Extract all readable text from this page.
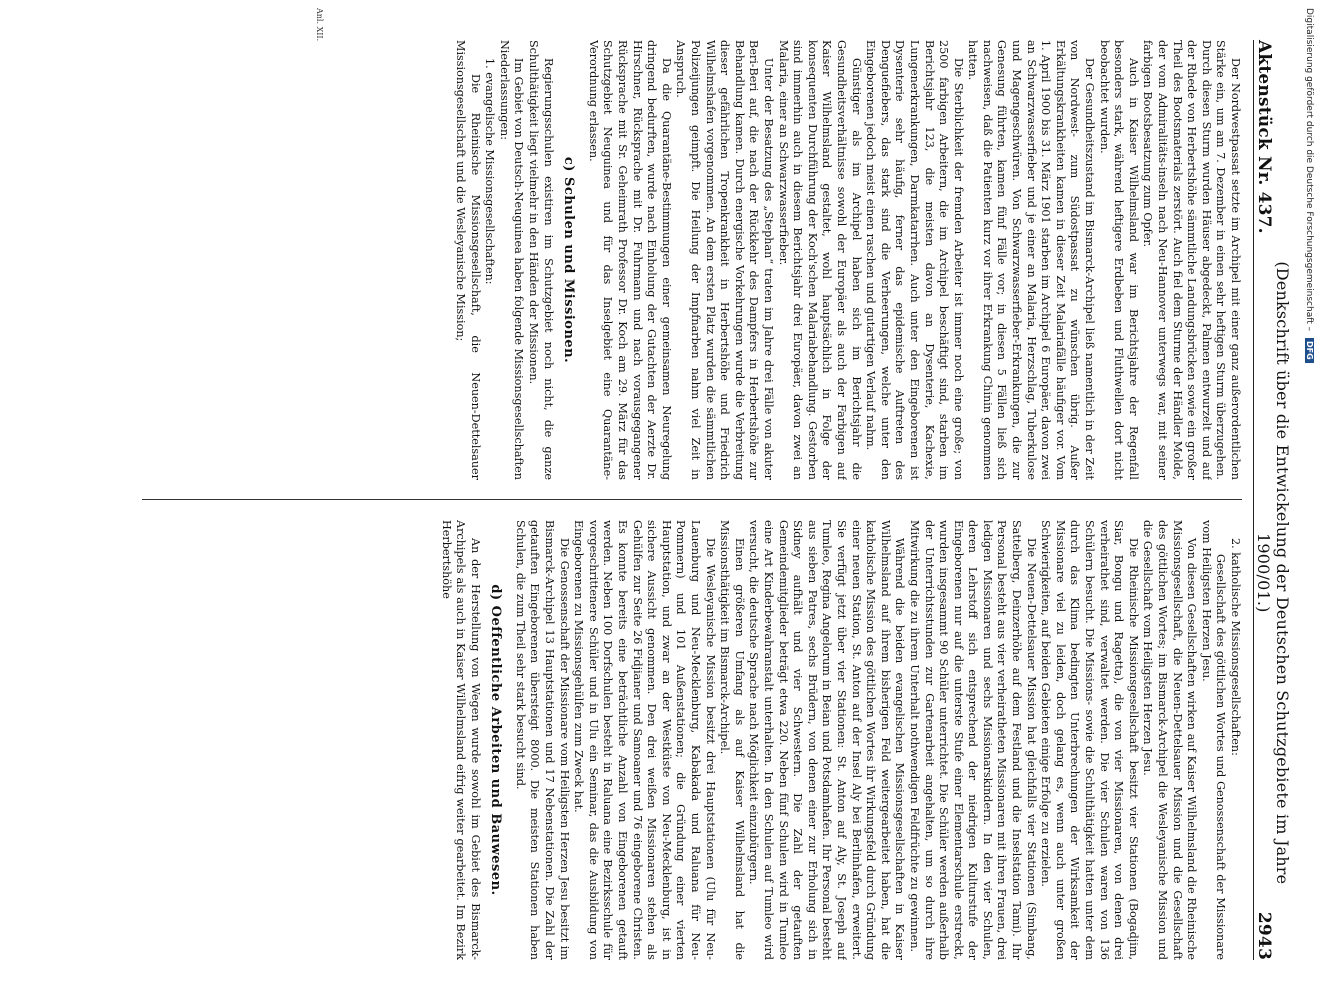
Aktenstück Nr. 437.
(Denkschrift über die Entwickelung der Deutschen Schutzgebiete im Jahre 1900/01.)
2943

Der Nordwestpassat setzte im Archipel mit einer ganz außerordentlichen Stärke ein, um am 7. Dezember in einen sehr heftigen Sturm überzugehen. Durch diesen Sturm wurden Häuser abgedeckt, Palmen entwurzelt und auf der Rhede von Herbertshöhe sämmtliche Landungsbrücken sowie ein großer Theil des Bootsmaterials zerstört. Auch fiel dem Sturme der Händler Molde, der vom Admiralitäts-inseln nach Neu-Hannover unterwegs war, mit seiner farbigen Bootsbesatzung zum Opfer.

Auch in Kaiser Wilhelmsland war im Berichtsjahre der Regenfall besonders stark, während heftigere Erdbeben und Fluthwellen dort nicht beobachtet wurden.

Der Gesundheitszustand im Bismarck-Archipel ließ namentlich in der Zeit von Nordwest- zum Südostpassat zu wünschen übrig. Außer Erkältungskrankheiten kamen in dieser Zeit Malariafälle häufiger vor. Vom 1. April 1900 bis 31. März 1901 starben im Archipel 6 Europäer, davon zwei an Schwarzwasserfieber und je einer an Malaria, Herzschlag, Tuberkulose und Magengeschwüren. Von Schwarzwasserfieber-Erkrankungen, die zur Genesung führten, kamen fünf Fälle vor; in diesen 5 Fällen ließ sich nachweisen, daß die Patienten kurz vor ihrer Erkrankung Chinin genommen hatten.

Die Sterblichkeit der fremden Arbeiter ist immer noch eine große; von 2500 farbigen Arbeitern, die im Archipel beschäftigt sind, starben im Berichtsjahr 123, die meisten davon an Dysenterie, Kachexie, Lungenerkrankungen, Darmkatarrhen. Auch unter den Eingeborenen ist Dysenterie sehr häufig, ferner das epidemische Auftreten des Denguefiebers, das stark sind die Verheerungen, welche unter den Eingeborenen jedoch meist einen raschen und gutartigen Verlauf nahm.

Günstiger als im Archipel haben sich im Berichtsjahr die Gesundheitsverhältnisse sowohl der Europäer als auch der Farbigen auf Kaiser Wilhelmsland gestaltet, wohl hauptsächlich in Folge der konsequenten Durchführung der Koch'schen Malariabehandlung. Gestorben sind immerhin auch in diesem Berichtsjahr drei Europäer, davon zwei an Malaria, einer an Schwarzwasserfieber.

Unter der Besatzung des „Stephan“ traten im Jahre drei Fälle von akuter Beri-Beri auf, die nach der Rückkehr des Dampfers in Herbertshöhe zur Behandlung kamen. Durch energische Vorkehrungen wurde die Verbreitung dieser gefährlichen Tropenkrankheit in Herbertshöhe und Friedrich Wilhelmshafen vorgenommen. An dem ersten Platz wurden die sämmtlichen Polizeijungen geimpft. Die Heilung der Impfnarben nahm viel Zeit in Anspruch.

Da die Quarantäne-Bestimmungen einer gemeinsamen Neuregelung dringend bedurften, wurde nach Einholung der Gutachten der Aerzte Dr. Hirschner, Rücksprache mit Dr. Fuhrmann und nach vorausgegangener Rücksprache mit Sr. Geheimrath Professor Dr. Koch am 29. März für das Schutzgebiet Neuguinea und für das Inselgebiet eine Quarantäne-Verordnung erlassen.

c) Schulen und Missionen.

Regierungsschulen existiren im Schutzgebiet noch nicht, die ganze Schulthätigkeit liegt vielmehr in den Händen der Missionen.

Im Gebiet von Deutsch-Neuguinea haben folgende Missionsgesellschaften Niederlassungen:

1. evangelische Missionsgesellschaften:

Die Rheinische Missionsgesellschaft, die Neuen-Dettelsauer Missionsgesellschaft und die Wesleyanische Mission;

2. katholische Missionsgesellschaften:

Gesellschaft des göttlichen Wortes und Genossenschaft der Missionare vom Heiligsten Herzen Jesu.

Von diesen Gesellschaften wirken auf Kaiser Wilhelmsland die Rheinische Missionsgesellschaft, die Neuen-Dettelsauer Mission und die Gesellschaft des göttlichen Wortes; im Bismarck-Archipel die Wesleyanische Mission und die Gesellschaft vom Heiligsten Herzen Jesu.

Die Rheinische Missionsgesellschaft besitzt vier Stationen (Bogadjim, Siar, Bongu und Ragetta), die von vier Missionaren, von denen drei verheirathet sind, verwaltet werden. Die vier Schulen waren von 136 Schülern besucht. Die Missions- sowie die Schulthätigkeit hatten unter dem durch das Klima bedingten Unterbrechungen der Wirksamkeit der Missionare viel zu leiden, doch gelang es, wenn auch unter großen Schwierigkeiten, auf beiden Gebieten einige Erfolge zu erzielen.

Die Neuen-Dettelsauer Mission hat gleichfalls vier Stationen (Simbang, Sattelberg, Deinzerhöhe auf dem Festland und die Inselstation Tami). Ihr Personal besteht aus vier verheiratheten Missionaren mit ihren Frauen, drei ledigen Missionaren und sechs Missionarskindern. In den vier Schulen, deren Lehrstoff sich entsprechend der niedrigen Kulturstufe der Eingeborenen nur auf die unterste Stufe einer Elementarschule erstreckt, wurden insgesammt 90 Schüler unterrichtet. Die Schüler werden außerhalb der Unterrichtsstunden zur Gartenarbeit angehalten, um so durch ihre Mitwirkung die zu ihrem Unterhalt nothwendigen Feldfrüchte zu gewinnen.

Während die beiden evangelischen Missionsgesellschaften in Kaiser Wilhelmsland auf ihrem bisherigen Feld weitergearbeitet haben, hat die katholische Mission des göttlichen Wortes ihr Wirkungsfeld durch Gründung einer neuen Station, St. Anton auf der Insel Aly bei Berlinhafen, erweitert. Sie verfügt jetzt über vier Stationen: St. Anton auf Aly, St. Joseph auf Tumleo, Regina Angelorum in Beian und Potsdamhafen. Ihr Personal besteht aus sieben Patres, sechs Brüdern, von denen einer zur Erholung sich in Sidney aufhält und vier Schwestern. Die Zahl der getauften Gemeindemitglieder beträgt etwa 220. Neben fünf Schulen wird in Tumleo eine Art Kinderbewahranstalt unterhalten. In den Schulen auf Tumleo wird versucht, die deutsche Sprache nach Möglichkeit einzubürgern.

Einen größeren Umfang als auf Kaiser Wilhelmsland hat die Missionsthätigkeit im Bismarck-Archipel.

Die Wesleyanische Mission besitzt drei Hauptstationen (Ulu für Neu-Lauenburg und Neu-Mecklenburg, Kabakada und Raluana für Neu-Pommern) und 101 Außenstationen; die Gründung einer vierten Hauptstation, und zwar an der Westküste von Neu-Mecklenburg, ist in sichere Aussicht genommen. Den drei weißen Missionaren stehen als Gehülfen zur Seite 26 Fidjianer und Samoaner und 76 eingeborene Christen. Es konnte bereits eine beträchtliche Anzahl von Eingeborenen getauft werden. Neben 100 Dorfschulen besteht in Raluana eine Bezirksschule für vorgeschrittenere Schüler und in Ulu ein Seminar, das die Ausbildung von Eingeborenen zu Missionsgehülfen zum Zweck hat.

Die Genossenschaft der Missionare vom Heiligsten Herzen Jesu besitzt im Bismarck-Archipel 13 Hauptstationen und 17 Nebenstationen. Die Zahl der getauften Eingeborenen übersteigt 8000. Die meisten Stationen haben Schulen, die zum Theil sehr stark besucht sind.

d) Oeffentliche Arbeiten und Bauwesen.

An der Herstellung von Wegen wurde sowohl im Gebiet des Bismarck-Archipels als auch in Kaiser Wilhelmsland eifrig weiter gearbeitet. Im Bezirk Herbertshöhe

Anl. XII.	Digitalisierung gefördert durch die Deutsche Forschungsgemeinschaft – DFG
